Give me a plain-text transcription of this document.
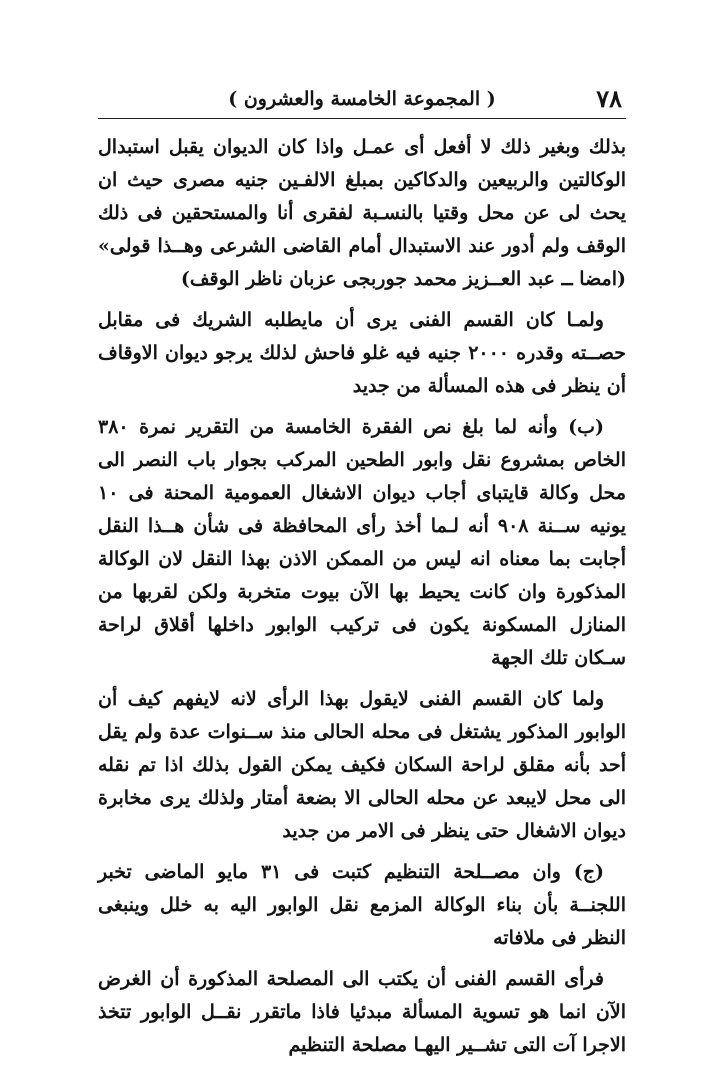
٧٨
( المجموعة الخامسة والعشرون )

بذلك وبغير ذلك لا أفعل أى عمـل واذا كان الديوان يقبل استبدال الوكالتين والربيعين والدكاكين بمبلغ الالفـين جنيه مصرى حيث ان يحث لى عن محل وقتيا بالنسـبة لفقرى أنا والمستحقين فى ذلك الوقف ولم أدور عند الاستبدال أمام القاضى الشرعى وهــذا قولى» (امضا ــ عبد العــزيز محمد جوربجى عزبان ناظر الوقف)

ولمـا كان القسم الفنى يرى أن مايطلبه الشريك فى مقابل حصــته وقدره ٢٠٠٠ جنيه فيه غلو فاحش لذلك يرجو ديوان الاوقاف أن ينظر فى هذه المسألة من جديد

(ب) وأنه لما بلغ نص الفقرة الخامسة من التقرير نمرة ٣٨٠ الخاص بمشروع نقل وابور الطحين المركب بجوار باب النصر الى محل وكالة قايتباى أجاب ديوان الاشغال العمومية المحنة فى ١٠ يونيه ســنة ٩٠٨ أنه لـما أخذ رأى المحافظة فى شأن هــذا النقل أجابت بما معناه انه ليس من الممكن الاذن بهذا النقل لان الوكالة المذكورة وان كانت يحيط بها الآن بيوت متخربة ولكن لقربها من المنازل المسكونة يكون فى تركيب الوابور داخلها أقلاق لراحة سـكان تلك الجهة

ولما كان القسم الفنى لايقول بهذا الرأى لانه لايفهم كيف أن الوابور المذكور يشتغل فى محله الحالى منذ ســنوات عدة ولم يقل أحد بأنه مقلق لراحة السكان فكيف يمكن القول بذلك اذا تم نقله الى محل لايبعد عن محله الحالى الا بضعة أمتار ولذلك يرى مخابرة ديوان الاشغال حتى ينظر فى الامر من جديد

(ج) وان مصــلحة التنظيم كتبت فى ٣١ مايو الماضى تخبر اللجنــة بأن بناء الوكالة المزمع نقل الوابور اليه به خلل وينبغى النظر فى ملافاته

فرأى القسم الفنى أن يكتب الى المصلحة المذكورة أن الغرض الآن انما هو تسوية المسألة مبدئيا فاذا ماتقرر نقــل الوابور تتخذ الاجرا آت التى تشــير اليهـا مصلحة التنظيم
